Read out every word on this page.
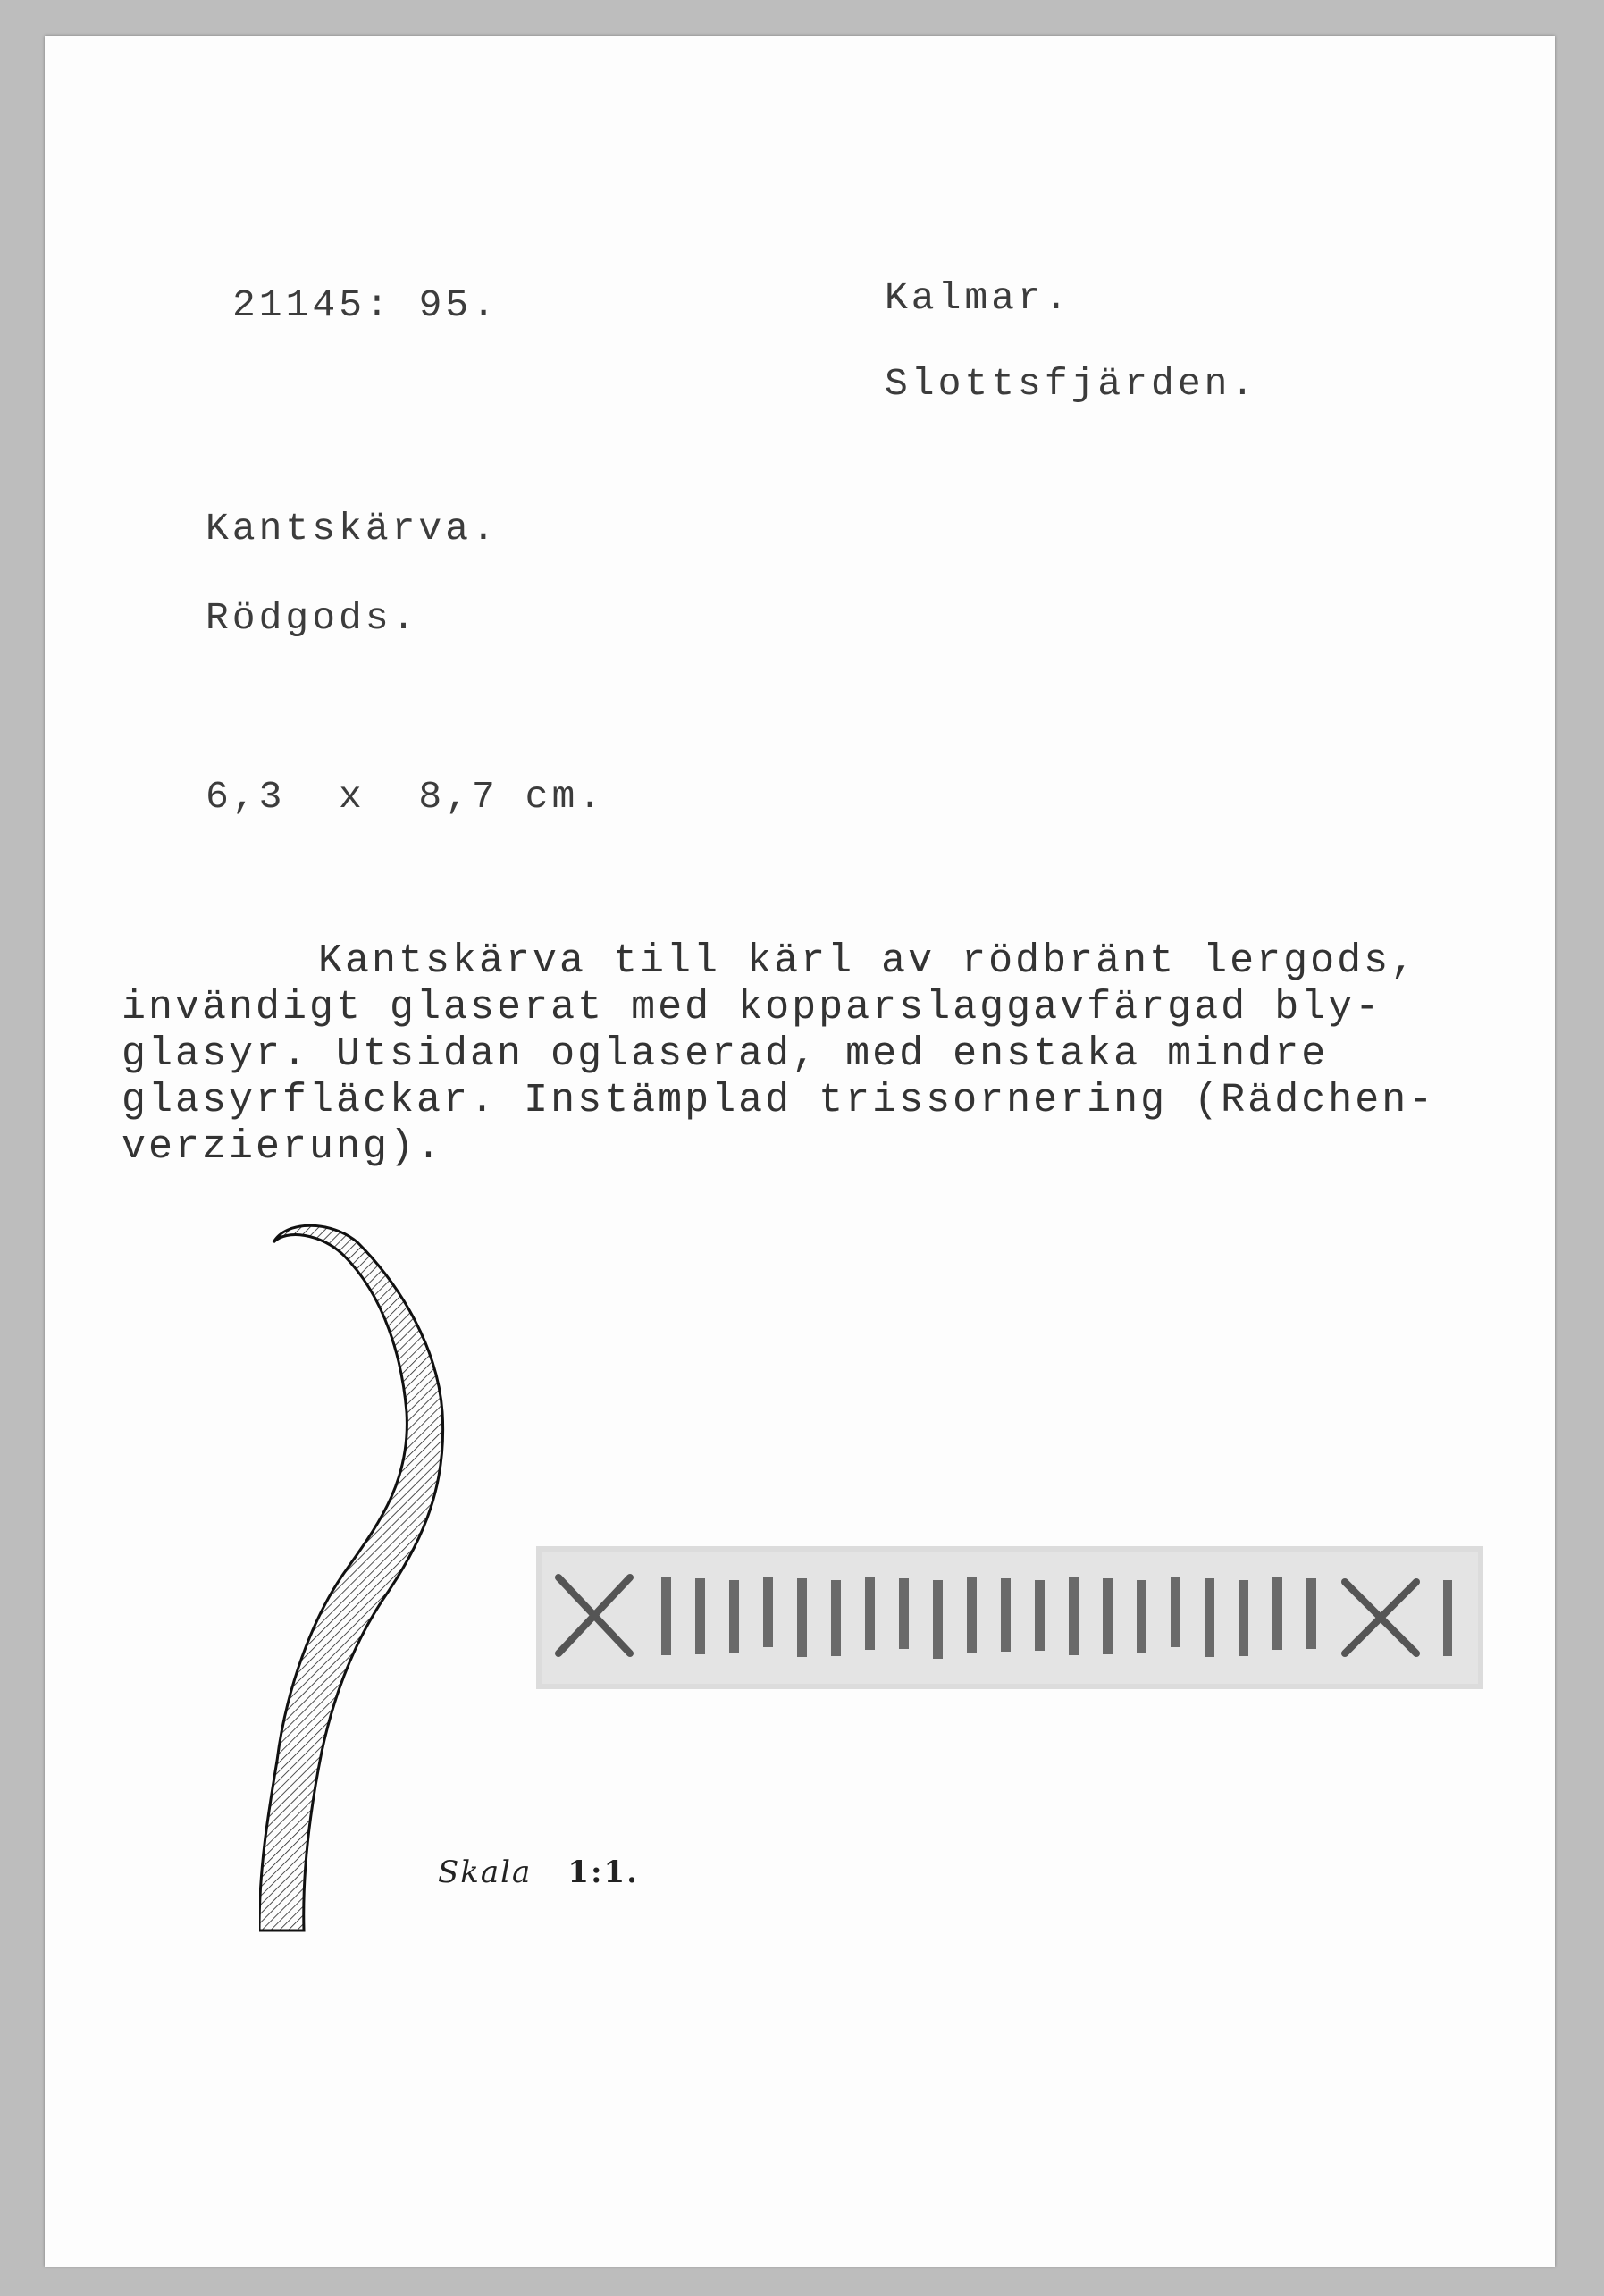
21145: 95.	Kalmar.
Slottsfjärden.
Kantskärva.
Rödgods.
6,3  x  8,7 cm.
Kantskärva till kärl av rödbränt lergods,
invändigt glaserat med kopparslaggavfärgad bly-
glasyr. Utsidan oglaserad, med enstaka mindre
glasyrfläckar. Instämplad trissornering (Rädchen-
verzierung).
Skala 1:1.
